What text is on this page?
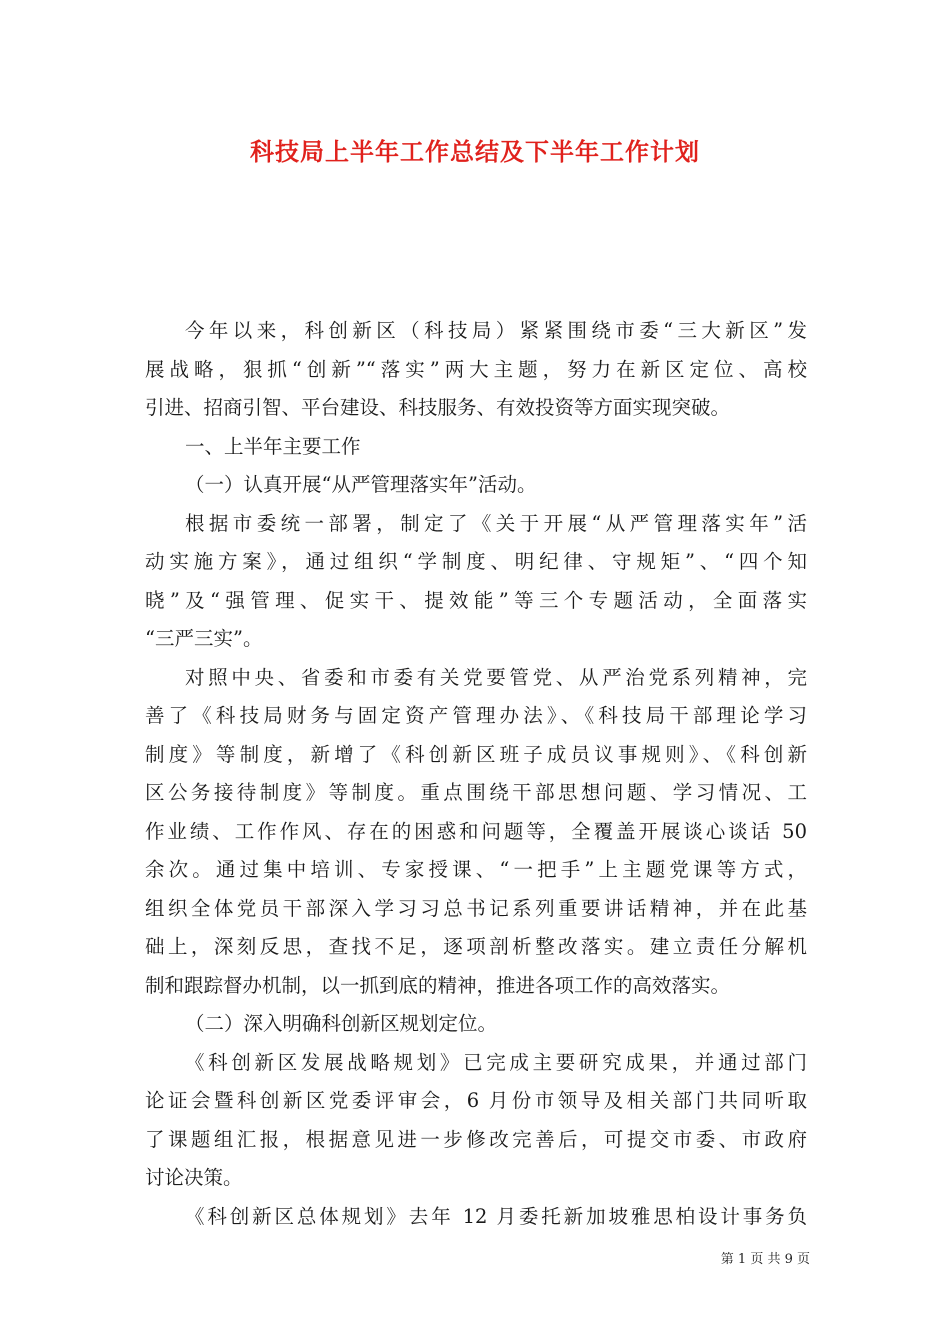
科技局上半年工作总结及下半年工作计划
今年以来，科创新区（科技局）紧紧围绕市委“三大新区”发
展战略，狠抓“创新”“落实”两大主题，努力在新区定位、高校
引进、招商引智、平台建设、科技服务、有效投资等方面实现突破。
一、上半年主要工作
（一）认真开展“从严管理落实年”活动。
根据市委统一部署，制定了《关于开展“从严管理落实年”活
动实施方案》，通过组织“学制度、明纪律、守规矩”、“四个知
晓”及“强管理、促实干、提效能”等三个专题活动，全面落实
“三严三实”。
对照中央、省委和市委有关党要管党、从严治党系列精神，完
善了《科技局财务与固定资产管理办法》、《科技局干部理论学习
制度》等制度，新增了《科创新区班子成员议事规则》、《科创新
区公务接待制度》等制度。重点围绕干部思想问题、学习情况、工
作业绩、工作作风、存在的困惑和问题等，全覆盖开展谈心谈话 50
余次。通过集中培训、专家授课、“一把手”上主题党课等方式，
组织全体党员干部深入学习习总书记系列重要讲话精神，并在此基
础上，深刻反思，查找不足，逐项剖析整改落实。建立责任分解机
制和跟踪督办机制，以一抓到底的精神，推进各项工作的高效落实。
（二）深入明确科创新区规划定位。
《科创新区发展战略规划》已完成主要研究成果，并通过部门
论证会暨科创新区党委评审会，6 月份市领导及相关部门共同听取
了课题组汇报，根据意见进一步修改完善后，可提交市委、市政府
讨论决策。
《科创新区总体规划》去年 12 月委托新加坡雅思柏设计事务负
第 1 页 共 9 页
